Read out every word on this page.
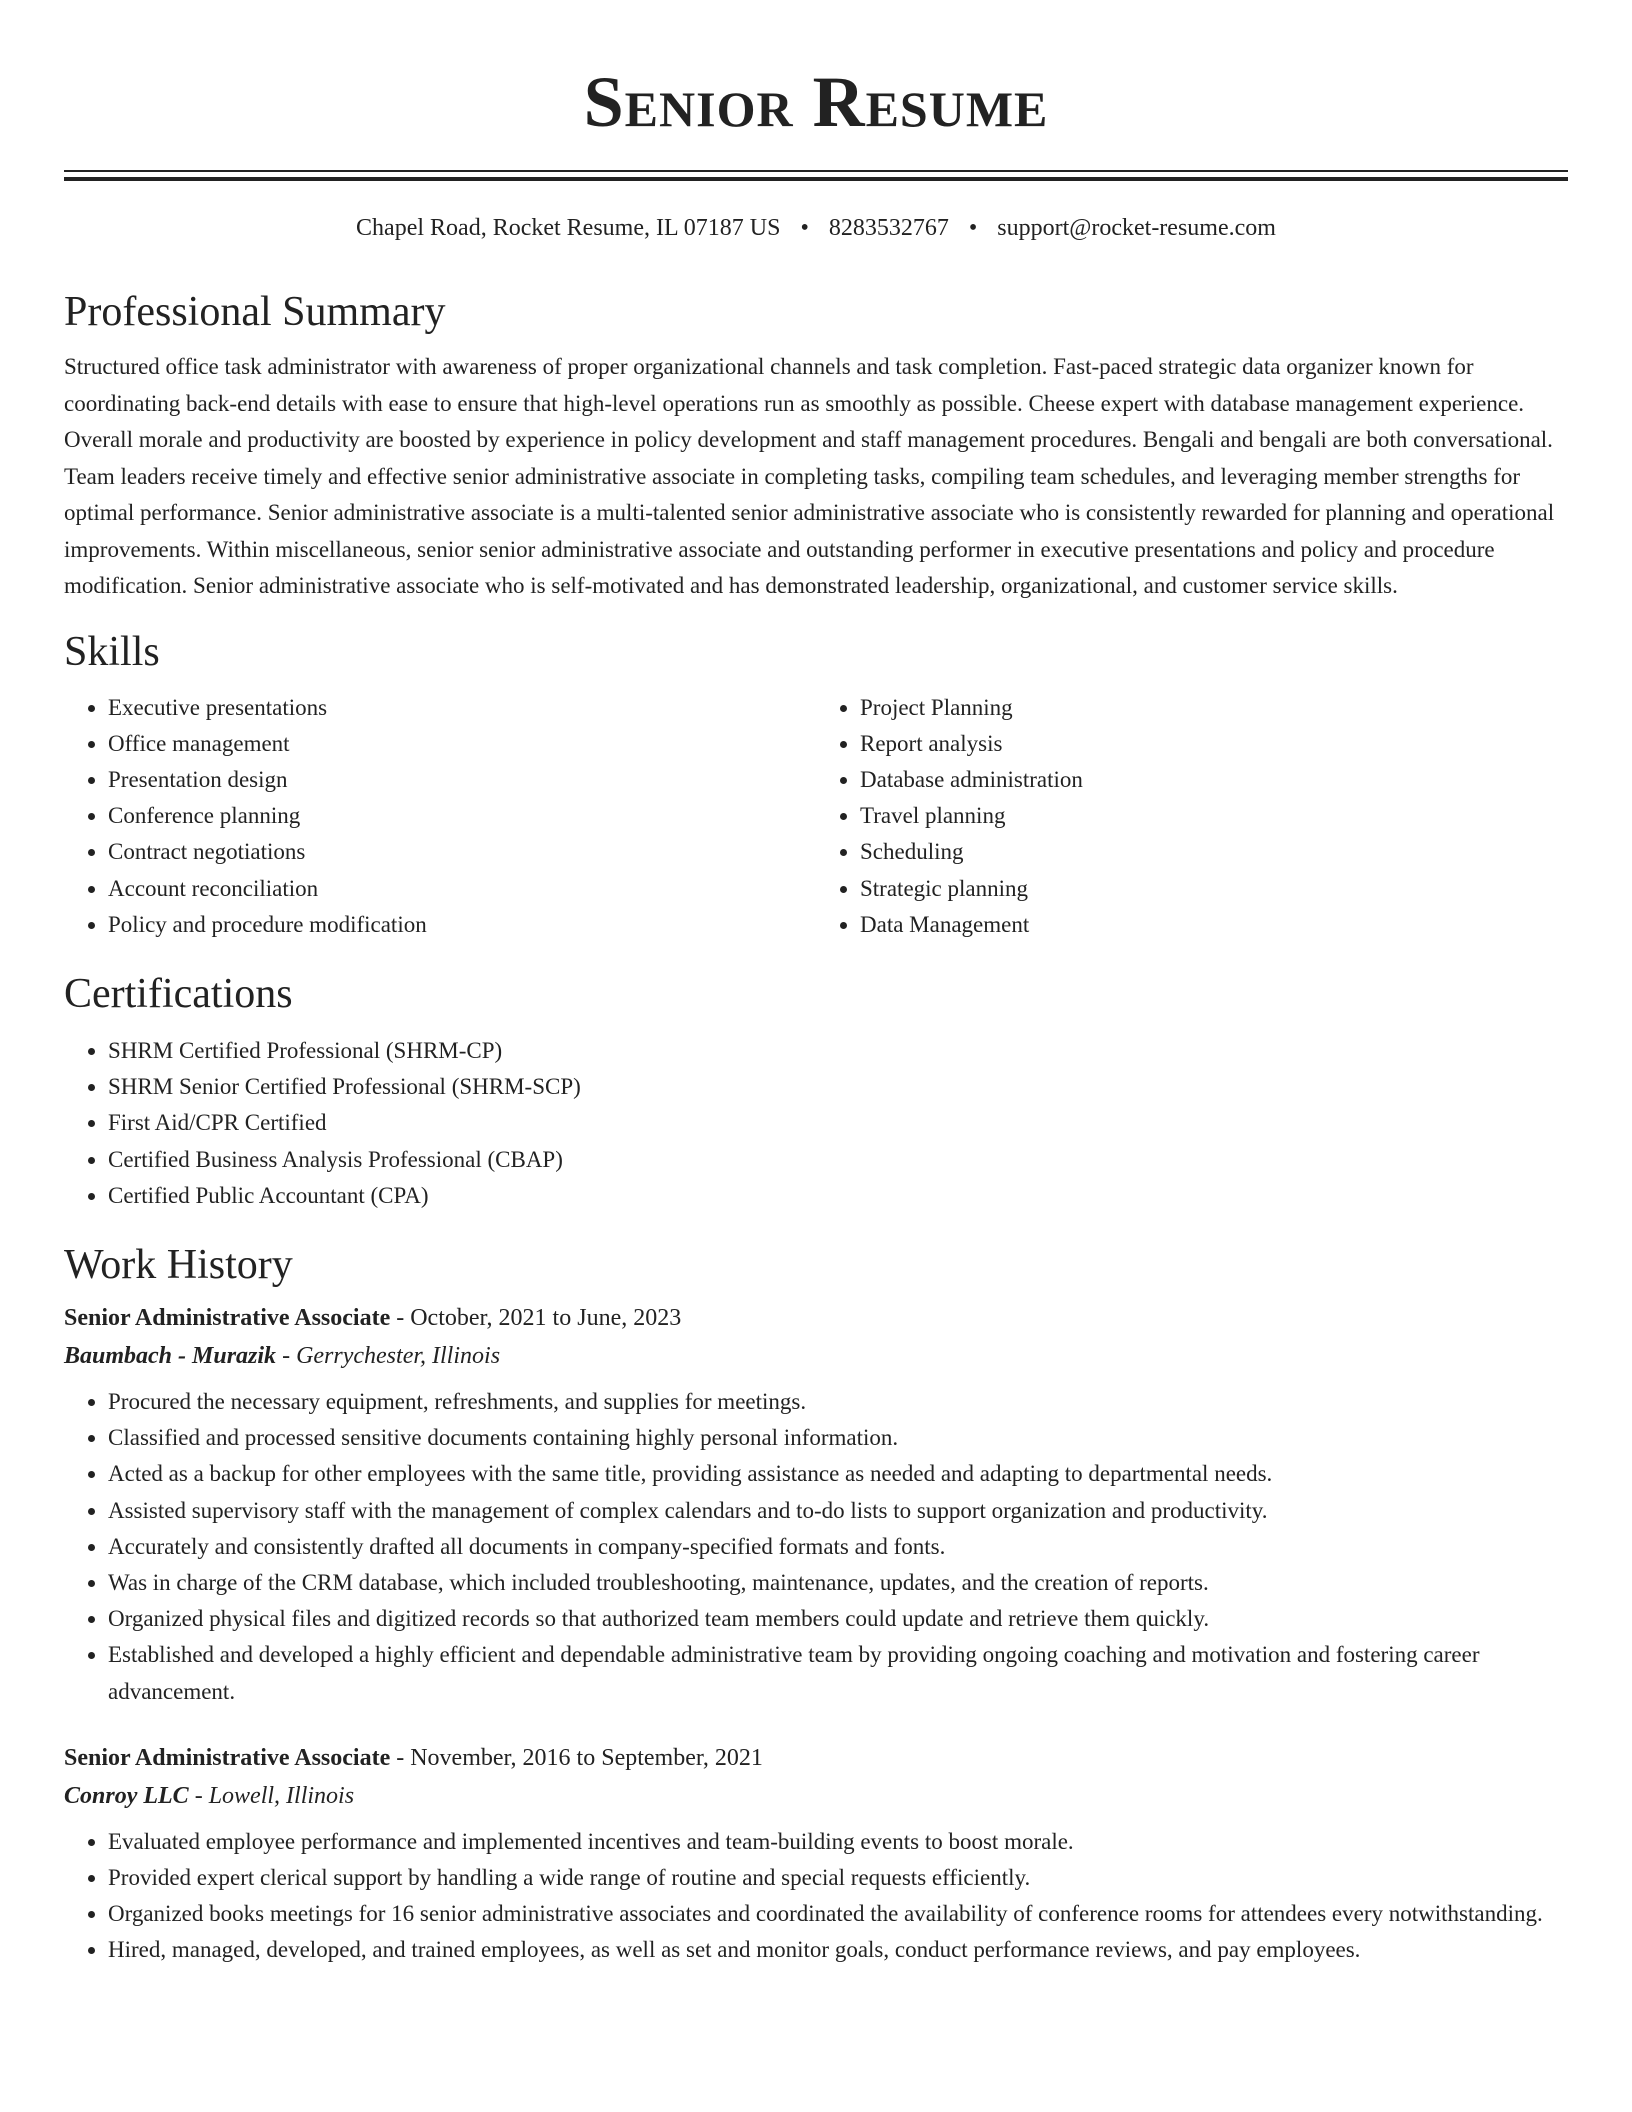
Senior Resume
Chapel Road, Rocket Resume, IL 07187 US • 8283532767 • support@rocket-resume.com
Professional Summary

Structured office task administrator with awareness of proper organizational channels and task completion. Fast-paced strategic data organizer known for coordinating back-end details with ease to ensure that high-level operations run as smoothly as possible. Cheese expert with database management experience. Overall morale and productivity are boosted by experience in policy development and staff management procedures. Bengali and bengali are both conversational. Team leaders receive timely and effective senior administrative associate in completing tasks, compiling team schedules, and leveraging member strengths for optimal performance. Senior administrative associate is a multi-talented senior administrative associate who is consistently rewarded for planning and operational improvements. Within miscellaneous, senior senior administrative associate and outstanding performer in executive presentations and policy and procedure modification. Senior administrative associate who is self-motivated and has demonstrated leadership, organizational, and customer service skills.

Skills
• Executive presentations
• Office management
• Presentation design
• Conference planning
• Contract negotiations
• Account reconciliation
• Policy and procedure modification
• Project Planning
• Report analysis
• Database administration
• Travel planning
• Scheduling
• Strategic planning
• Data Management
Certifications
• SHRM Certified Professional (SHRM-CP)
• SHRM Senior Certified Professional (SHRM-SCP)
• First Aid/CPR Certified
• Certified Business Analysis Professional (CBAP)
• Certified Public Accountant (CPA)
Work History

Senior Administrative Associate - October, 2021 to June, 2023

Baumbach - Murazik - Gerrychester, Illinois

• Procured the necessary equipment, refreshments, and supplies for meetings.
• Classified and processed sensitive documents containing highly personal information.
• Acted as a backup for other employees with the same title, providing assistance as needed and adapting to departmental needs.
• Assisted supervisory staff with the management of complex calendars and to-do lists to support organization and productivity.
• Accurately and consistently drafted all documents in company-specified formats and fonts.
• Was in charge of the CRM database, which included troubleshooting, maintenance, updates, and the creation of reports.
• Organized physical files and digitized records so that authorized team members could update and retrieve them quickly.
• Established and developed a highly efficient and dependable administrative team by providing ongoing coaching and motivation and fostering career advancement.

Senior Administrative Associate - November, 2016 to September, 2021

Conroy LLC - Lowell, Illinois

• Evaluated employee performance and implemented incentives and team-building events to boost morale.
• Provided expert clerical support by handling a wide range of routine and special requests efficiently.
• Organized books meetings for 16 senior administrative associates and coordinated the availability of conference rooms for attendees every notwithstanding.
• Hired, managed, developed, and trained employees, as well as set and monitor goals, conduct performance reviews, and pay employees.
